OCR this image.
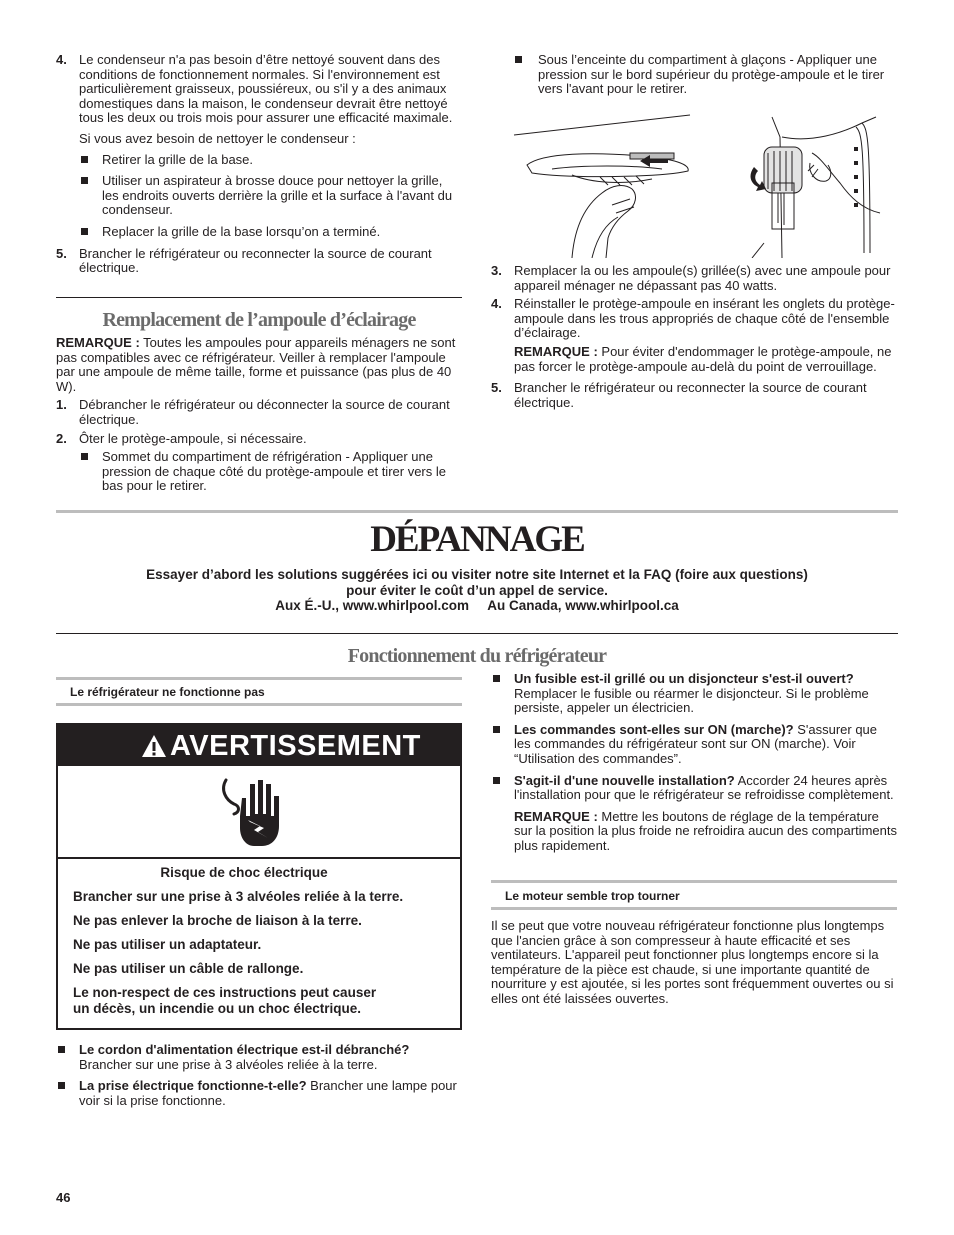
4. Le condenseur n'a pas besoin d’être nettoyé souvent dans des conditions de fonctionnement normales. Si l'environnement est particulièrement graisseux, poussiéreux, ou s'il y a des animaux domestiques dans la maison, le condenseur devrait être nettoyé tous les deux ou trois mois pour assurer une efficacité maximale.

Si vous avez besoin de nettoyer le condenseur :

Retirer la grille de la base.

Utiliser un aspirateur à brosse douce pour nettoyer la grille, les endroits ouverts derrière la grille et la surface à l'avant du condenseur.

Replacer la grille de la base lorsqu’on a terminé.

5. Brancher le réfrigérateur ou reconnecter la source de courant électrique.

Remplacement de l’ampoule d’éclairage

REMARQUE : Toutes les ampoules pour appareils ménagers ne sont pas compatibles avec ce réfrigérateur. Veiller à remplacer l'ampoule par une ampoule de même taille, forme et puissance (pas plus de 40 W).

1. Débrancher le réfrigérateur ou déconnecter la source de courant électrique.

2. Ôter le protège-ampoule, si nécessaire.

Sommet du compartiment de réfrigération - Appliquer une pression de chaque côté du protège-ampoule et tirer vers le bas pour le retirer.

Sous l’enceinte du compartiment à glaçons - Appliquer une pression sur le bord supérieur du protège-ampoule et le tirer vers l'avant pour le retirer.

3. Remplacer la ou les ampoule(s) grillée(s) avec une ampoule pour appareil ménager ne dépassant pas 40 watts.

4. Réinstaller le protège-ampoule en insérant les onglets du protège-ampoule dans les trous appropriés de chaque côté de l'ensemble d’éclairage.

REMARQUE : Pour éviter d'endommager le protège-ampoule, ne pas forcer le protège-ampoule au-delà du point de verrouillage.

5. Brancher le réfrigérateur ou reconnecter la source de courant électrique.

DÉPANNAGE

Essayer d’abord les solutions suggérées ici ou visiter notre site Internet et la FAQ (foire aux questions)

pour éviter le coût d’un appel de service.

Aux É.-U., www.whirlpool.com     Au Canada, www.whirlpool.ca

Fonctionnement du réfrigérateur

Le réfrigérateur ne fonctionne pas

AVERTISSEMENT

Risque de choc électrique

Brancher sur une prise à 3 alvéoles reliée à la terre.

Ne pas enlever la broche de liaison à la terre.

Ne pas utiliser un adaptateur.

Ne pas utiliser un câble de rallonge.

Le non-respect de ces instructions peut causer

un décès, un incendie ou un choc électrique.

Le cordon d'alimentation électrique est-il débranché?
Brancher sur une prise à 3 alvéoles reliée à la terre.

La prise électrique fonctionne-t-elle? Brancher une lampe pour voir si la prise fonctionne.

Un fusible est-il grillé ou un disjoncteur s'est-il ouvert?
Remplacer le fusible ou réarmer le disjoncteur. Si le problème persiste, appeler un électricien.

Les commandes sont-elles sur ON (marche)? S'assurer que les commandes du réfrigérateur sont sur ON (marche). Voir “Utilisation des commandes”.

S'agit-il d'une nouvelle installation? Accorder 24 heures après l'installation pour que le réfrigérateur se refroidisse complètement.

REMARQUE : Mettre les boutons de réglage de la température sur la position la plus froide ne refroidira aucun des compartiments plus rapidement.

Le moteur semble trop tourner

Il se peut que votre nouveau réfrigérateur fonctionne plus longtemps que l'ancien grâce à son compresseur à haute efficacité et ses ventilateurs. L'appareil peut fonctionner plus longtemps encore si la température de la pièce est chaude, si une importante quantité de nourriture y est ajoutée, si les portes sont fréquemment ouvertes ou si elles ont été laissées ouvertes.

46
